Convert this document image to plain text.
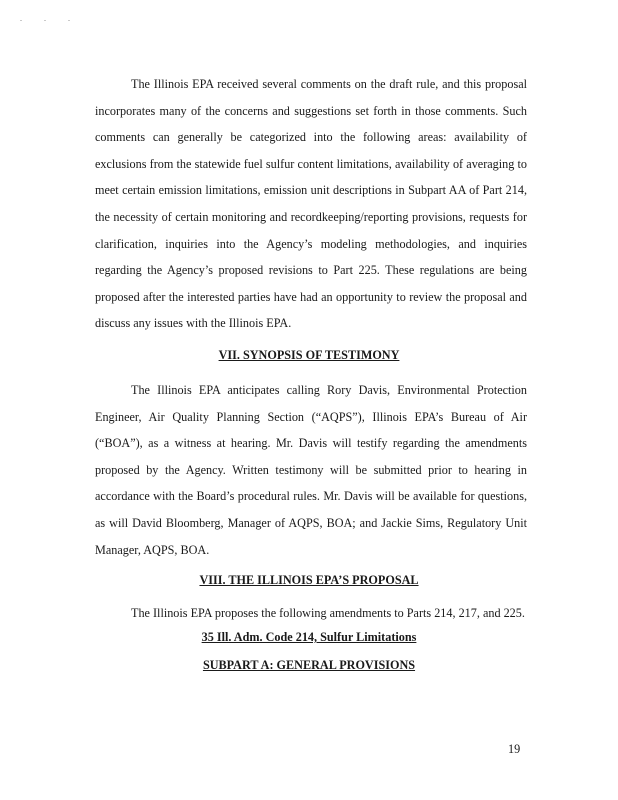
. . .

The Illinois EPA received several comments on the draft rule, and this proposal incorporates many of the concerns and suggestions set forth in those comments. Such comments can generally be categorized into the following areas: availability of exclusions from the statewide fuel sulfur content limitations, availability of averaging to meet certain emission limitations, emission unit descriptions in Subpart AA of Part 214, the necessity of certain monitoring and recordkeeping/reporting provisions, requests for clarification, inquiries into the Agency’s modeling methodologies, and inquiries regarding the Agency’s proposed revisions to Part 225. These regulations are being proposed after the interested parties have had an opportunity to review the proposal and discuss any issues with the Illinois EPA.

VII. SYNOPSIS OF TESTIMONY

The Illinois EPA anticipates calling Rory Davis, Environmental Protection Engineer, Air Quality Planning Section (“AQPS”), Illinois EPA’s Bureau of Air (“BOA”), as a witness at hearing. Mr. Davis will testify regarding the amendments proposed by the Agency. Written testimony will be submitted prior to hearing in accordance with the Board’s procedural rules. Mr. Davis will be available for questions, as will David Bloomberg, Manager of AQPS, BOA; and Jackie Sims, Regulatory Unit Manager, AQPS, BOA.

VIII. THE ILLINOIS EPA’S PROPOSAL

The Illinois EPA proposes the following amendments to Parts 214, 217, and 225.

35 Ill. Adm. Code 214, Sulfur Limitations

SUBPART A: GENERAL PROVISIONS

19
